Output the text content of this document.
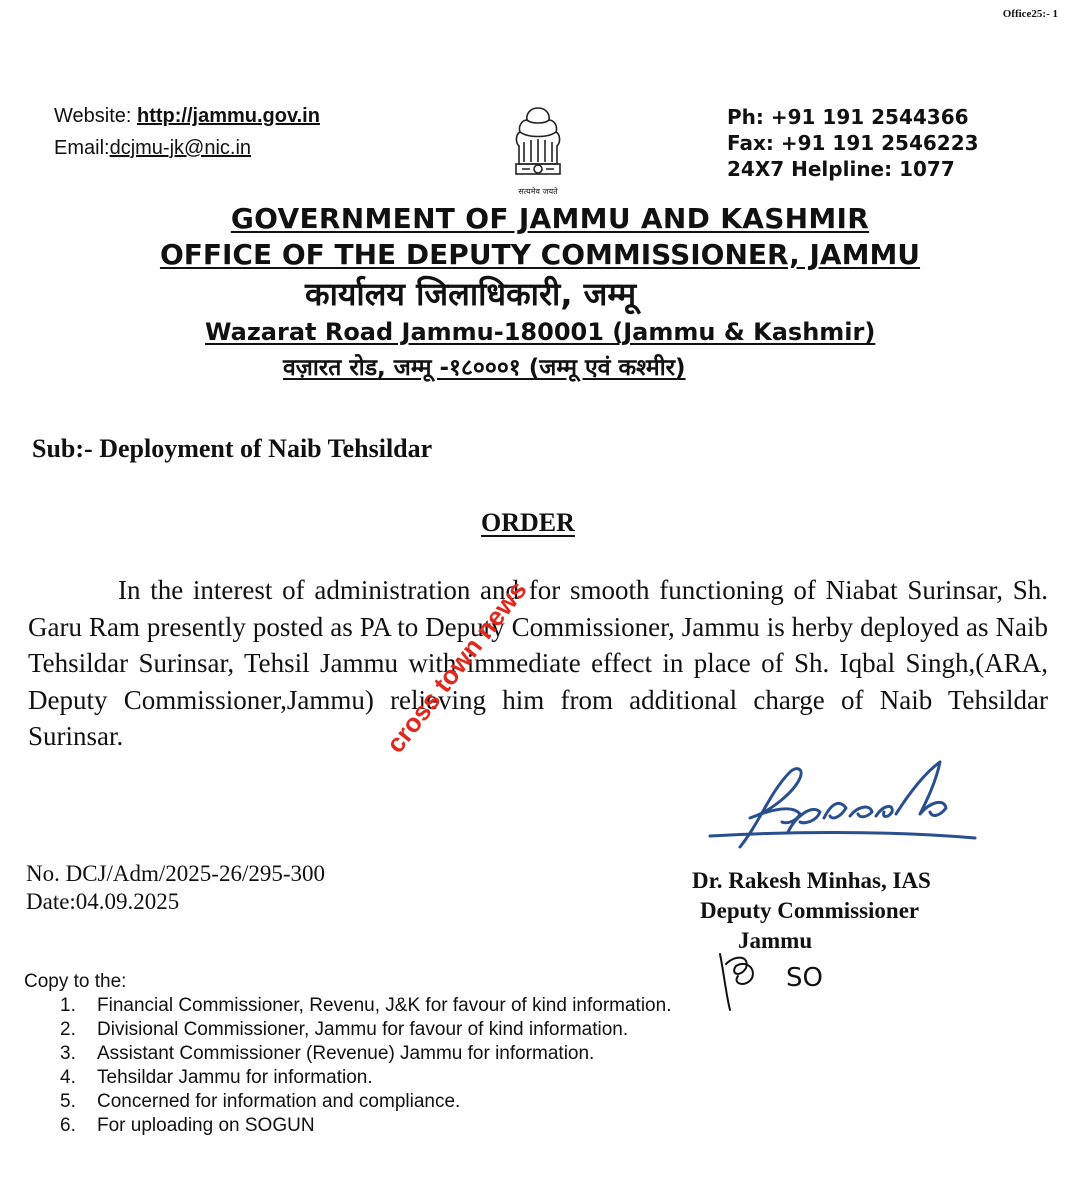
Office25:- 1
Website: http://jammu.gov.in
Email:dcjmu-jk@nic.in
सत्यमेव जयते
Ph: +91 191 2544366
Fax: +91 191 2546223
24X7 Helpline: 1077
GOVERNMENT OF JAMMU AND KASHMIR
OFFICE OF THE DEPUTY COMMISSIONER, JAMMU
कार्यालय जिलाधिकारी, जम्मू
Wazarat Road Jammu-180001 (Jammu & Kashmir)
वज़ारत रोड, जम्मू -१८०००१ (जम्मू एवं कश्मीर)
Sub:- Deployment of Naib Tehsildar
ORDER
In the interest of administration and for smooth functioning of Niabat Surinsar, Sh. Garu Ram presently posted as PA to Deputy Commissioner, Jammu is herby deployed as Naib Tehsildar Surinsar, Tehsil Jammu with immediate effect in place of Sh. Iqbal Singh,(ARA, Deputy Commissioner,Jammu) relieving him from additional charge of Naib Tehsildar Surinsar.	cross town news
No. DCJ/Adm/2025-26/295-300
Date:04.09.2025
Dr. Rakesh Minhas, IAS
Deputy Commissioner
Jammu
SO
Copy to the:
1. Financial Commissioner, Revenu, J&K for favour of kind information.
2. Divisional Commissioner, Jammu for favour of kind information.
3. Assistant Commissioner (Revenue) Jammu for information.
4. Tehsildar Jammu for information.
5. Concerned for information and compliance.
6. For uploading on SOGUN
